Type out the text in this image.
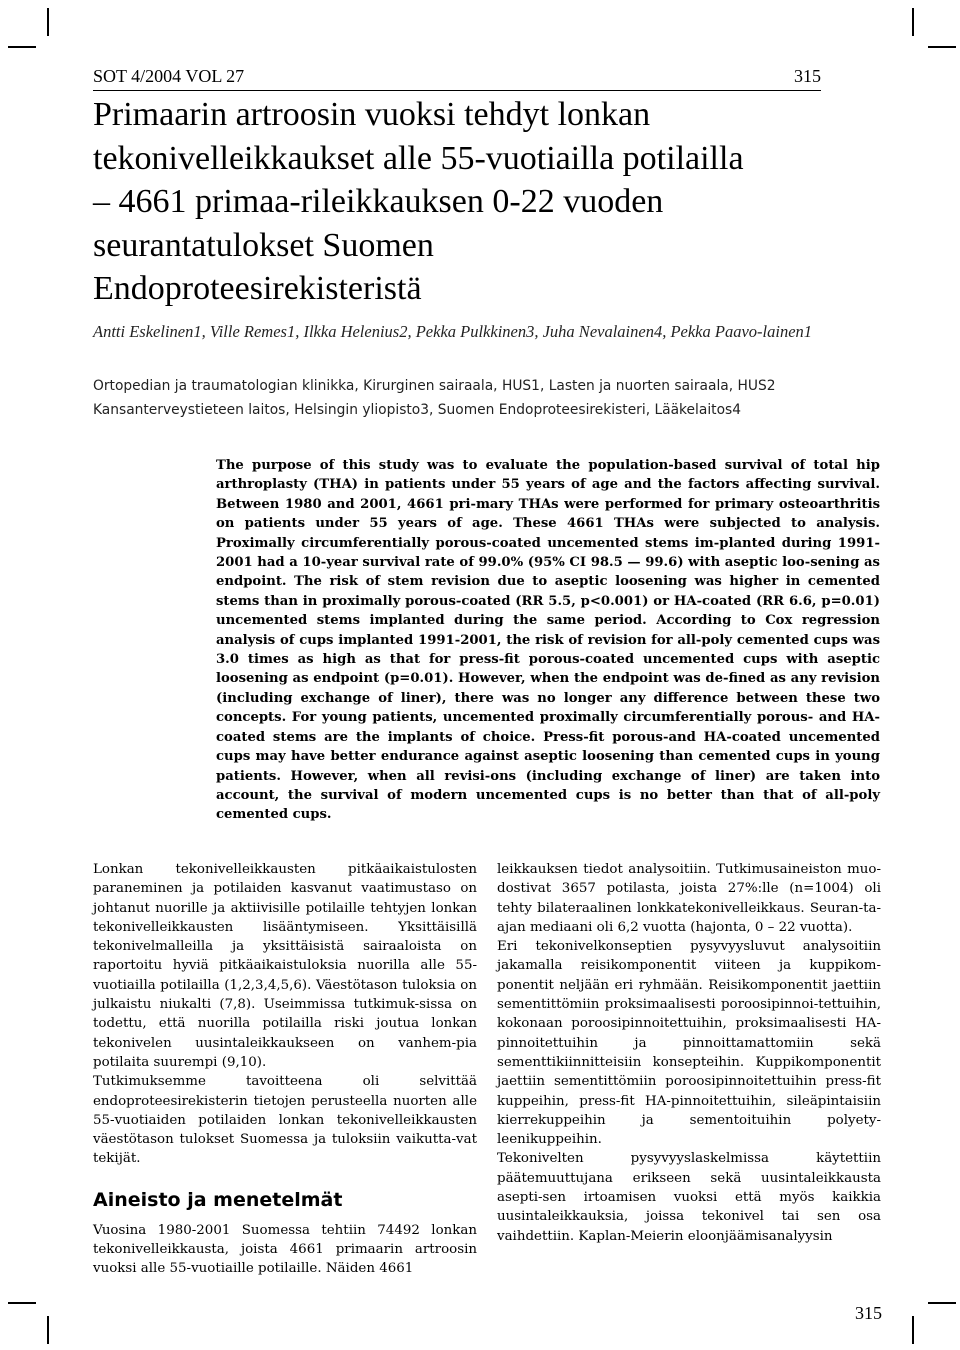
SOT 4/2004 VOL 27	315
Primaarin artroosin vuoksi tehdyt lonkan
tekonivelleikkaukset alle 55-vuotiailla potilailla
– 4661 primaa-rileikkauksen 0-22 vuoden
seurantatulokset Suomen
Endoproteesirekisteristä

Antti Eskelinen1, Ville Remes1, Ilkka Helenius2, Pekka Pulkkinen3, Juha Nevalainen4, Pekka Paavo-lainen1

Ortopedian ja traumatologian klinikka, Kirurginen sairaala, HUS1, Lasten ja nuorten sairaala, HUS2
Kansanterveystieteen laitos, Helsingin yliopisto3, Suomen Endoproteesirekisteri, Lääkelaitos4

The purpose of this study was to evaluate the population-based survival of total hip arthroplasty (THA) in patients under 55 years of age and the factors affecting survival. Between 1980 and 2001, 4661 pri-mary THAs were performed for primary osteoarthritis on patients under 55 years of age. These 4661 THAs were subjected to analysis. Proximally circumferentially porous-coated uncemented stems im-planted during 1991-2001 had a 10-year survival rate of 99.0% (95% CI 98.5 — 99.6) with aseptic loo-sening as endpoint. The risk of stem revision due to aseptic loosening was higher in cemented stems than in proximally porous-coated (RR 5.5, p<0.001) or HA-coated (RR 6.6, p=0.01) uncemented stems implanted during the same period. According to Cox regression analysis of cups implanted 1991-2001, the risk of revision for all-poly cemented cups was 3.0 times as high as that for press-fit porous-coated uncemented cups with aseptic loosening as endpoint (p=0.01). However, when the endpoint was de-fined as any revision (including exchange of liner), there was no longer any difference between these two concepts. For young patients, uncemented proximally circumferentially porous- and HA-coated stems are the implants of choice. Press-fit porous-and HA-coated uncemented cups may have better endurance against aseptic loosening than cemented cups in young patients. However, when all revisi-ons (including exchange of liner) are taken into account, the survival of modern uncemented cups is no better than that of all-poly cemented cups.

Lonkan tekonivelleikkausten pitkäaikaistulosten paraneminen ja potilaiden kasvanut vaatimustaso on johtanut nuorille ja aktiivisille potilaille tehtyjen lonkan tekonivelleikkausten lisääntymiseen. Yksittäisillä tekonivelmalleilla ja yksittäisistä sairaaloista on raportoitu hyviä pitkäaikaistuloksia nuorilla alle 55-vuotiailla potilailla (1,2,3,4,5,6). Väestötason tuloksia on julkaistu niukalti (7,8). Useimmissa tutkimuk-sissa on todettu, että nuorilla potilailla riski joutua lonkan tekonivelen uusintaleikkaukseen on vanhem-pia potilaita suurempi (9,10).

Tutkimuksemme tavoitteena oli selvittää endoproteesirekisterin tietojen perusteella nuorten alle 55-vuotiaiden potilaiden lonkan tekonivelleikkausten väestötason tulokset Suomessa ja tuloksiin vaikutta-vat tekijät.

Aineisto ja menetelmät

Vuosina 1980-2001 Suomessa tehtiin 74492 lonkan tekonivelleikkausta, joista 4661 primaarin artroosin vuoksi alle 55-vuotiaille potilaille. Näiden 4661

leikkauksen tiedot analysoitiin. Tutkimusaineiston muo-dostivat 3657 potilasta, joista 27%:lle (n=1004) oli tehty bilateraalinen lonkkatekonivelleikkaus. Seuran-ta-ajan mediaani oli 6,2 vuotta (hajonta, 0 – 22 vuotta).

Eri tekonivelkonseptien pysyvyysluvut analysoitiin jakamalla reisikomponentit viiteen ja kuppikom-ponentit neljään eri ryhmään. Reisikomponentit jaettiin sementittömiin proksimaalisesti poroosipinnoi-tettuihin, kokonaan poroosipinnoitettuihin, proksimaalisesti HA-pinnoitettuihin ja pinnoittamattomiin sekä sementtikiinnitteisiin konsepteihin. Kuppikomponentit jaettiin sementittömiin poroosipinnoitettuihin press-fit kuppeihin, press-fit HA-pinnoitettuihin, sileäpintaisiin kierrekuppeihin ja sementoituihin polyety-leenikuppeihin.

Tekonivelten pysyvyyslaskelmissa käytettiin päätemuuttujana erikseen sekä uusintaleikkausta asepti-sen irtoamisen vuoksi että myös kaikkia uusintaleikkauksia, joissa tekonivel tai sen osa vaihdettiin. Kaplan-Meierin eloonjäämisanalyysin

315
